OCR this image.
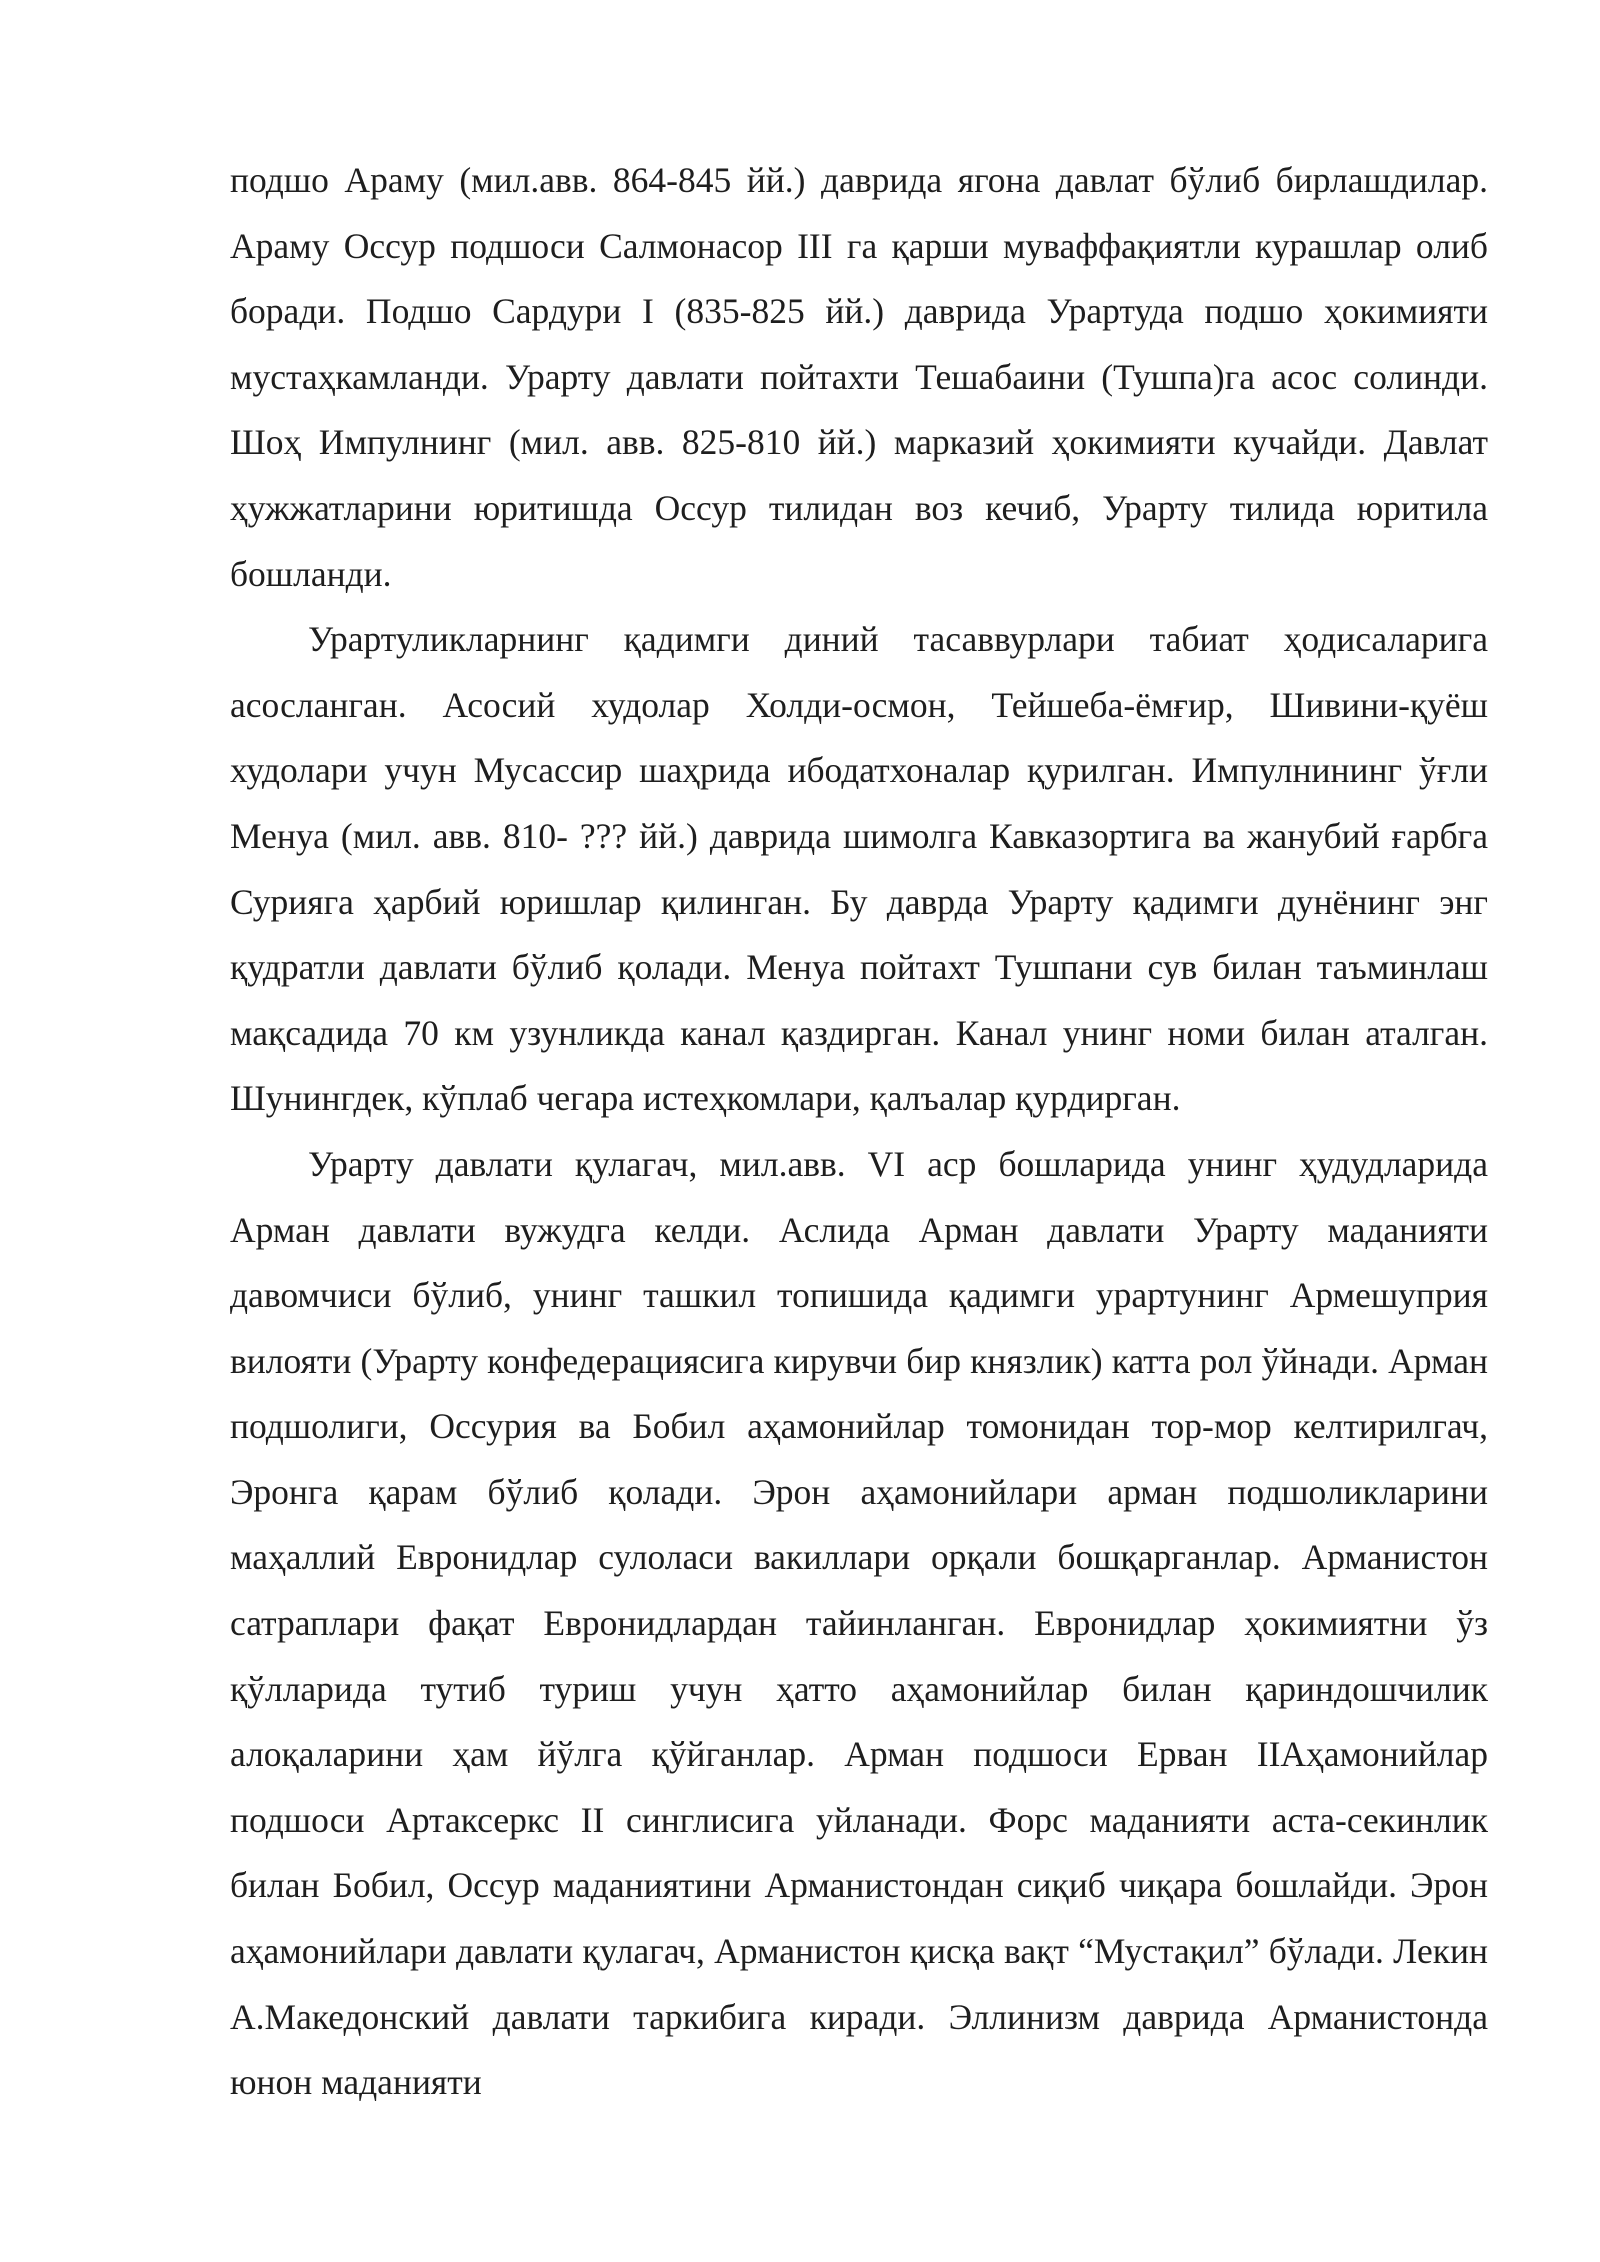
подшо Араму (мил.авв. 864-845 йй.) даврида ягона давлат бўлиб бирлашдилар. Араму Оссур подшоси Салмонасор III га қарши муваффақиятли курашлар олиб боради. Подшо Сардури I (835-825 йй.) даврида Урартуда подшо ҳокимияти мустаҳкамланди. Урарту давлати пойтахти Тешабаини (Тушпа)га асос солинди. Шоҳ Импулнинг (мил. авв. 825-810 йй.) марказий ҳокимияти кучайди. Давлат ҳужжатларини юритишда Оссур тилидан воз кечиб, Урарту тилида юритила бошланди.

Урартуликларнинг қадимги диний тасаввурлари табиат ҳодисаларига асосланган. Асосий худолар Холди-осмон, Тейшеба-ёмғир, Шивини-қуёш худолари учун Мусассир шаҳрида ибодатхоналар қурилган. Импулнининг ўғли Менуа (мил. авв. 810- ??? йй.) даврида шимолга Кавказортига ва жанубий ғарбга Сурияга ҳарбий юришлар қилинган. Бу даврда Урарту қадимги дунёнинг энг қудратли давлати бўлиб қолади. Менуа пойтахт Тушпани сув билан таъминлаш мақсадида 70 км узунликда канал қаздирган. Канал унинг номи билан аталган. Шунингдек, кўплаб чегара истеҳкомлари, қалъалар қурдирган.

Урарту давлати қулагач, мил.авв. VI аср бошларида унинг ҳудудларида Арман давлати вужудга келди. Аслида Арман давлати Урарту маданияти давомчиси бўлиб, унинг ташкил топишида қадимги урартунинг Армешуприя вилояти (Урарту конфедерациясига кирувчи бир князлик) катта рол ўйнади. Арман подшолиги, Оссурия ва Бобил аҳамонийлар томонидан тор-мор келтирилгач, Эронга қарам бўлиб қолади. Эрон аҳамонийлари арман подшоликларини маҳаллий Евронидлар сулоласи вакиллари орқали бошқарганлар. Арманистон сатраплари фақат Евронидлардан тайинланган. Евронидлар ҳокимиятни ўз қўлларида тутиб туриш учун ҳатто аҳамонийлар билан қариндошчилик алоқаларини ҳам йўлга қўйганлар. Арман подшоси Ерван IIАҳамонийлар подшоси Артаксеркс II синглисига уйланади. Форс маданияти аста-секинлик билан Бобил, Оссур маданиятини Арманистондан сиқиб чиқара бошлайди. Эрон аҳамонийлари давлати қулагач, Арманистон қисқа вақт “Мустақил” бўлади. Лекин А.Македонский давлати таркибига киради. Эллинизм даврида Арманистонда юнон маданияти
